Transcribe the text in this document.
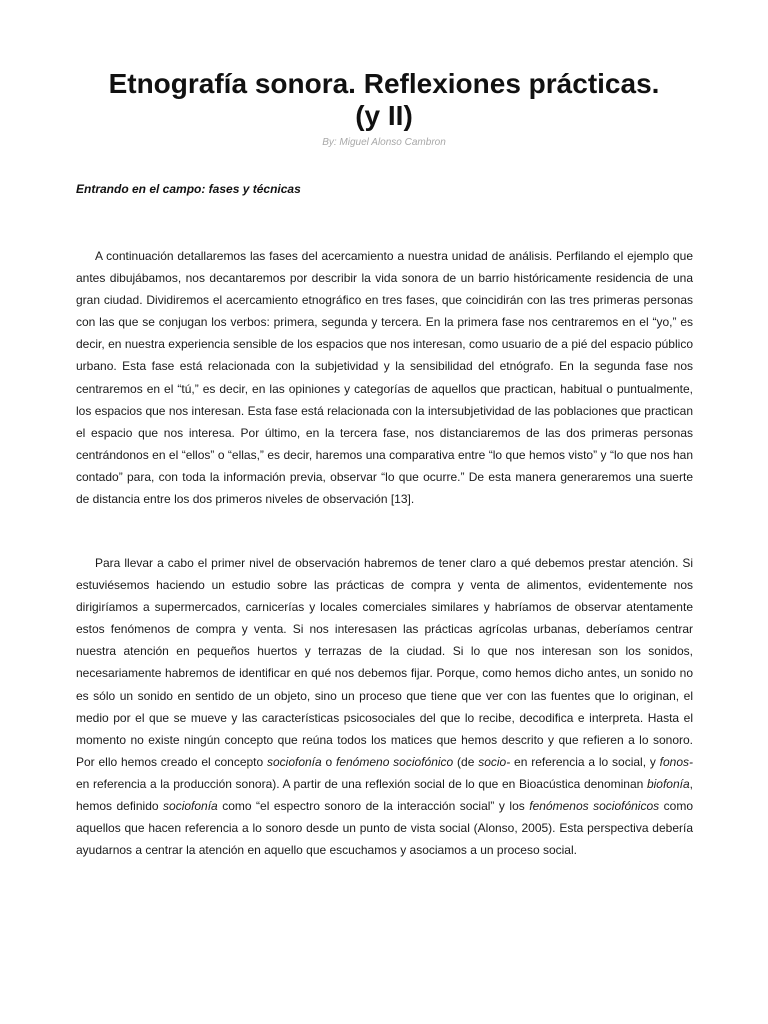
Etnografía sonora. Reflexiones prácticas.
(y II)

By: Miguel Alonso Cambron

Entrando en el campo: fases y técnicas

A continuación detallaremos las fases del acercamiento a nuestra unidad de análisis. Perfilando el ejemplo que antes dibujábamos, nos decantaremos por describir la vida sonora de un barrio históricamente residencia de una gran ciudad. Dividiremos el acercamiento etnográfico en tres fases, que coincidirán con las tres primeras personas con las que se conjugan los verbos: primera, segunda y tercera. En la primera fase nos centraremos en el “yo,” es decir, en nuestra experiencia sensible de los espacios que nos interesan, como usuario de a pié del espacio público urbano. Esta fase está relacionada con la subjetividad y la sensibilidad del etnógrafo. En la segunda fase nos centraremos en el “tú,” es decir, en las opiniones y categorías de aquellos que practican, habitual o puntualmente, los espacios que nos interesan. Esta fase está relacionada con la intersubjetividad de las poblaciones que practican el espacio que nos interesa. Por último, en la tercera fase, nos distanciaremos de las dos primeras personas centrándonos en el “ellos” o “ellas,” es decir, haremos una comparativa entre “lo que hemos visto” y “lo que nos han contado” para, con toda la información previa, observar “lo que ocurre.” De esta manera generaremos una suerte de distancia entre los dos primeros niveles de observación [13].

Para llevar a cabo el primer nivel de observación habremos de tener claro a qué debemos prestar atención. Si estuviésemos haciendo un estudio sobre las prácticas de compra y venta de alimentos, evidentemente nos dirigiríamos a supermercados, carnicerías y locales comerciales similares y habríamos de observar atentamente estos fenómenos de compra y venta. Si nos interesasen las prácticas agrícolas urbanas, deberíamos centrar nuestra atención en pequeños huertos y terrazas de la ciudad. Si lo que nos interesan son los sonidos, necesariamente habremos de identificar en qué nos debemos fijar. Porque, como hemos dicho antes, un sonido no es sólo un sonido en sentido de un objeto, sino un proceso que tiene que ver con las fuentes que lo originan, el medio por el que se mueve y las características psicosociales del que lo recibe, decodifica e interpreta. Hasta el momento no existe ningún concepto que reúna todos los matices que hemos descrito y que refieren a lo sonoro. Por ello hemos creado el concepto sociofonía o fenómeno sociofónico (de socio- en referencia a lo social, y fonos- en referencia a la producción sonora). A partir de una reflexión social de lo que en Bioacústica denominan biofonía, hemos definido sociofonía como “el espectro sonoro de la interacción social” y los fenómenos sociofónicos como aquellos que hacen referencia a lo sonoro desde un punto de vista social (Alonso, 2005). Esta perspectiva debería ayudarnos a centrar la atención en aquello que escuchamos y asociamos a un proceso social.
